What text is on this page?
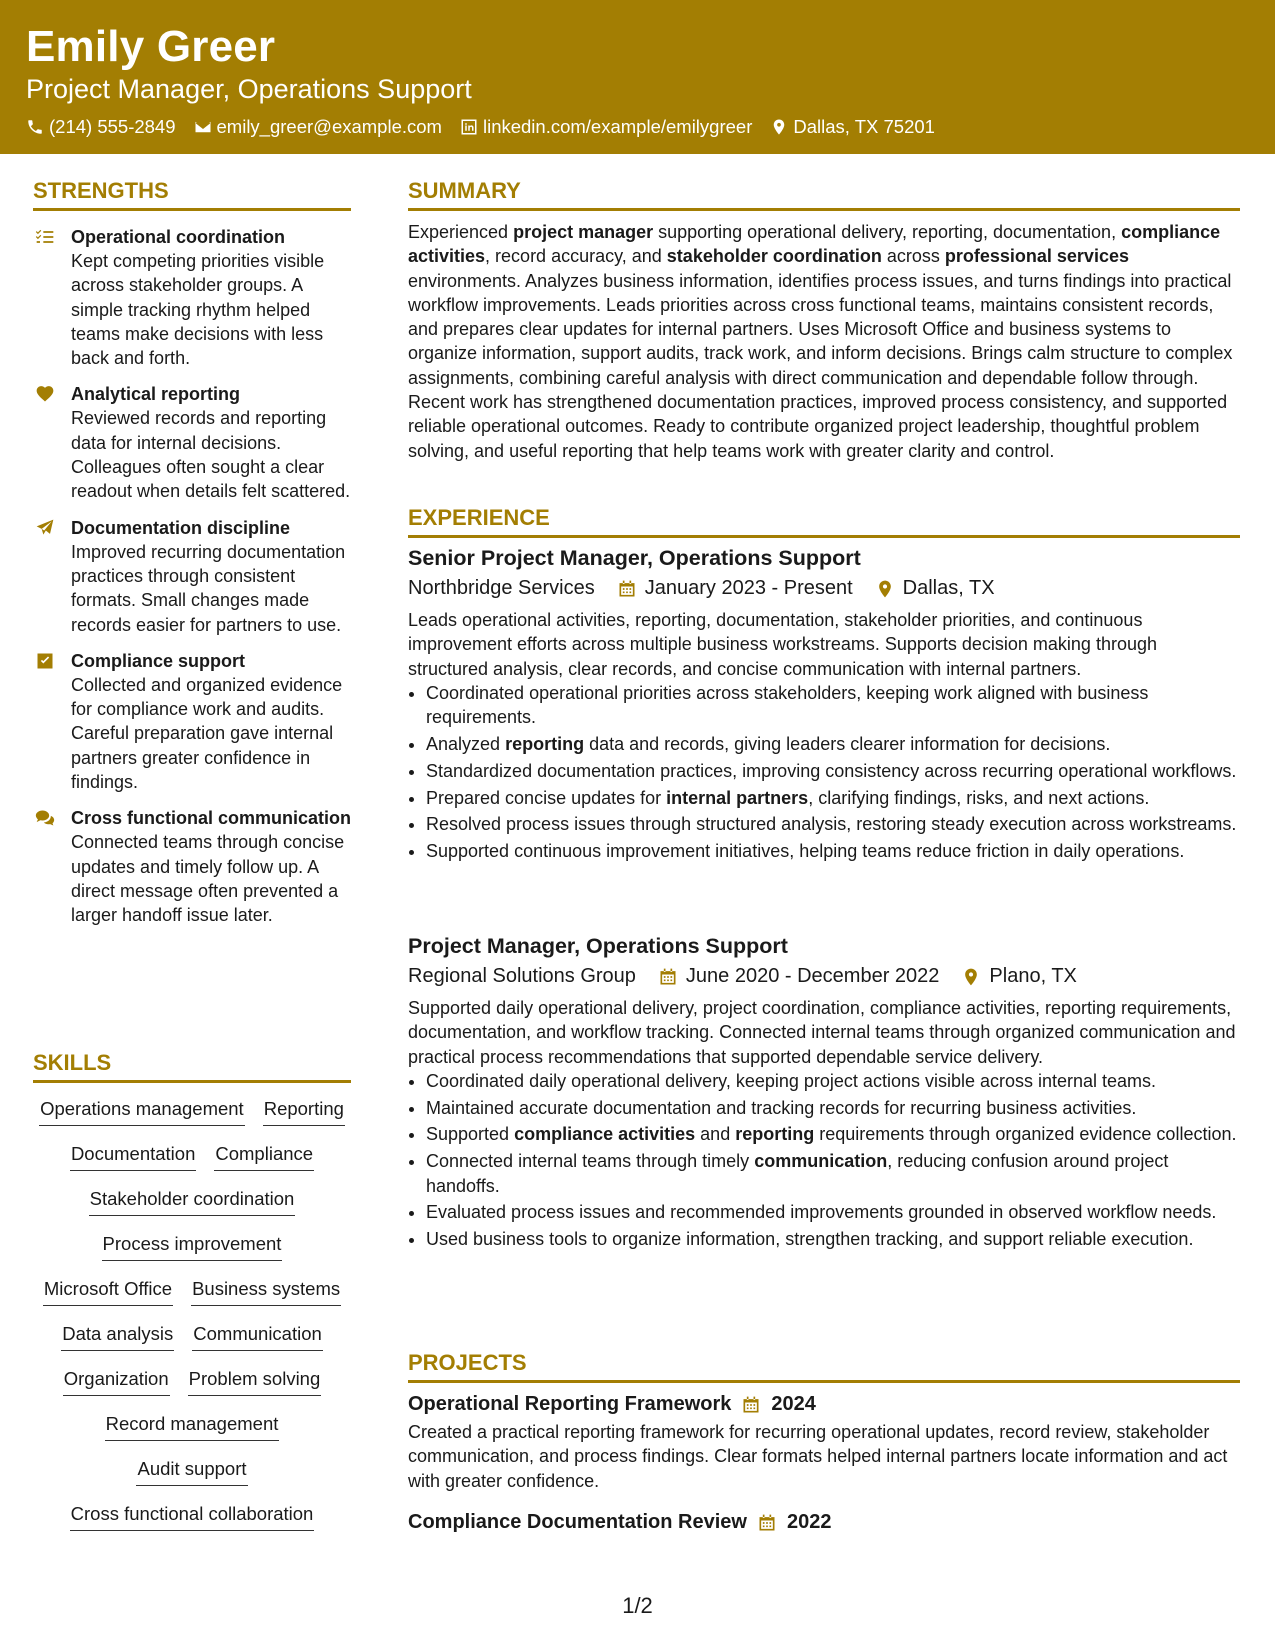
Emily Greer
Project Manager, Operations Support
(214) 555-2849 emily_greer@example.com linkedin.com/example/emilygreer Dallas, TX 75201
STRENGTHS
Operational coordination
Kept competing priorities visible across stakeholder groups. A simple tracking rhythm helped teams make decisions with less back and forth.
Analytical reporting
Reviewed records and reporting data for internal decisions. Colleagues often sought a clear readout when details felt scattered.
Documentation discipline
Improved recurring documentation practices through consistent formats. Small changes made records easier for partners to use.
Compliance support
Collected and organized evidence for compliance work and audits. Careful preparation gave internal partners greater confidence in findings.
Cross functional communication
Connected teams through concise updates and timely follow up. A direct message often prevented a larger handoff issue later.
SKILLS
Operations management Reporting
Documentation Compliance
Stakeholder coordination
Process improvement
Microsoft Office Business systems
Data analysis Communication
Organization Problem solving
Record management
Audit support
Cross functional collaboration
SUMMARY
Experienced project manager supporting operational delivery, reporting, documentation, compliance activities, record accuracy, and stakeholder coordination across professional services environments. Analyzes business information, identifies process issues, and turns findings into practical workflow improvements. Leads priorities across cross functional teams, maintains consistent records, and prepares clear updates for internal partners. Uses Microsoft Office and business systems to organize information, support audits, track work, and inform decisions. Brings calm structure to complex assignments, combining careful analysis with direct communication and dependable follow through. Recent work has strengthened documentation practices, improved process consistency, and supported reliable operational outcomes. Ready to contribute organized project leadership, thoughtful problem solving, and useful reporting that help teams work with greater clarity and control.
EXPERIENCE
Senior Project Manager, Operations Support
Northbridge Services	January 2023 - Present	Dallas, TX
Leads operational activities, reporting, documentation, stakeholder priorities, and continuous improvement efforts across multiple business workstreams. Supports decision making through structured analysis, clear records, and concise communication with internal partners.
• Coordinated operational priorities across stakeholders, keeping work aligned with business requirements.
• Analyzed reporting data and records, giving leaders clearer information for decisions.
• Standardized documentation practices, improving consistency across recurring operational workflows.
• Prepared concise updates for internal partners, clarifying findings, risks, and next actions.
• Resolved process issues through structured analysis, restoring steady execution across workstreams.
• Supported continuous improvement initiatives, helping teams reduce friction in daily operations.
Project Manager, Operations Support
Regional Solutions Group	June 2020 - December 2022	Plano, TX
Supported daily operational delivery, project coordination, compliance activities, reporting requirements, documentation, and workflow tracking. Connected internal teams through organized communication and practical process recommendations that supported dependable service delivery.
• Coordinated daily operational delivery, keeping project actions visible across internal teams.
• Maintained accurate documentation and tracking records for recurring business activities.
• Supported compliance activities and reporting requirements through organized evidence collection.
• Connected internal teams through timely communication, reducing confusion around project handoffs.
• Evaluated process issues and recommended improvements grounded in observed workflow needs.
• Used business tools to organize information, strengthen tracking, and support reliable execution.
PROJECTS
Operational Reporting Framework 2024
Created a practical reporting framework for recurring operational updates, record review, stakeholder communication, and process findings. Clear formats helped internal partners locate information and act with greater confidence.
Compliance Documentation Review 2022
1/2
